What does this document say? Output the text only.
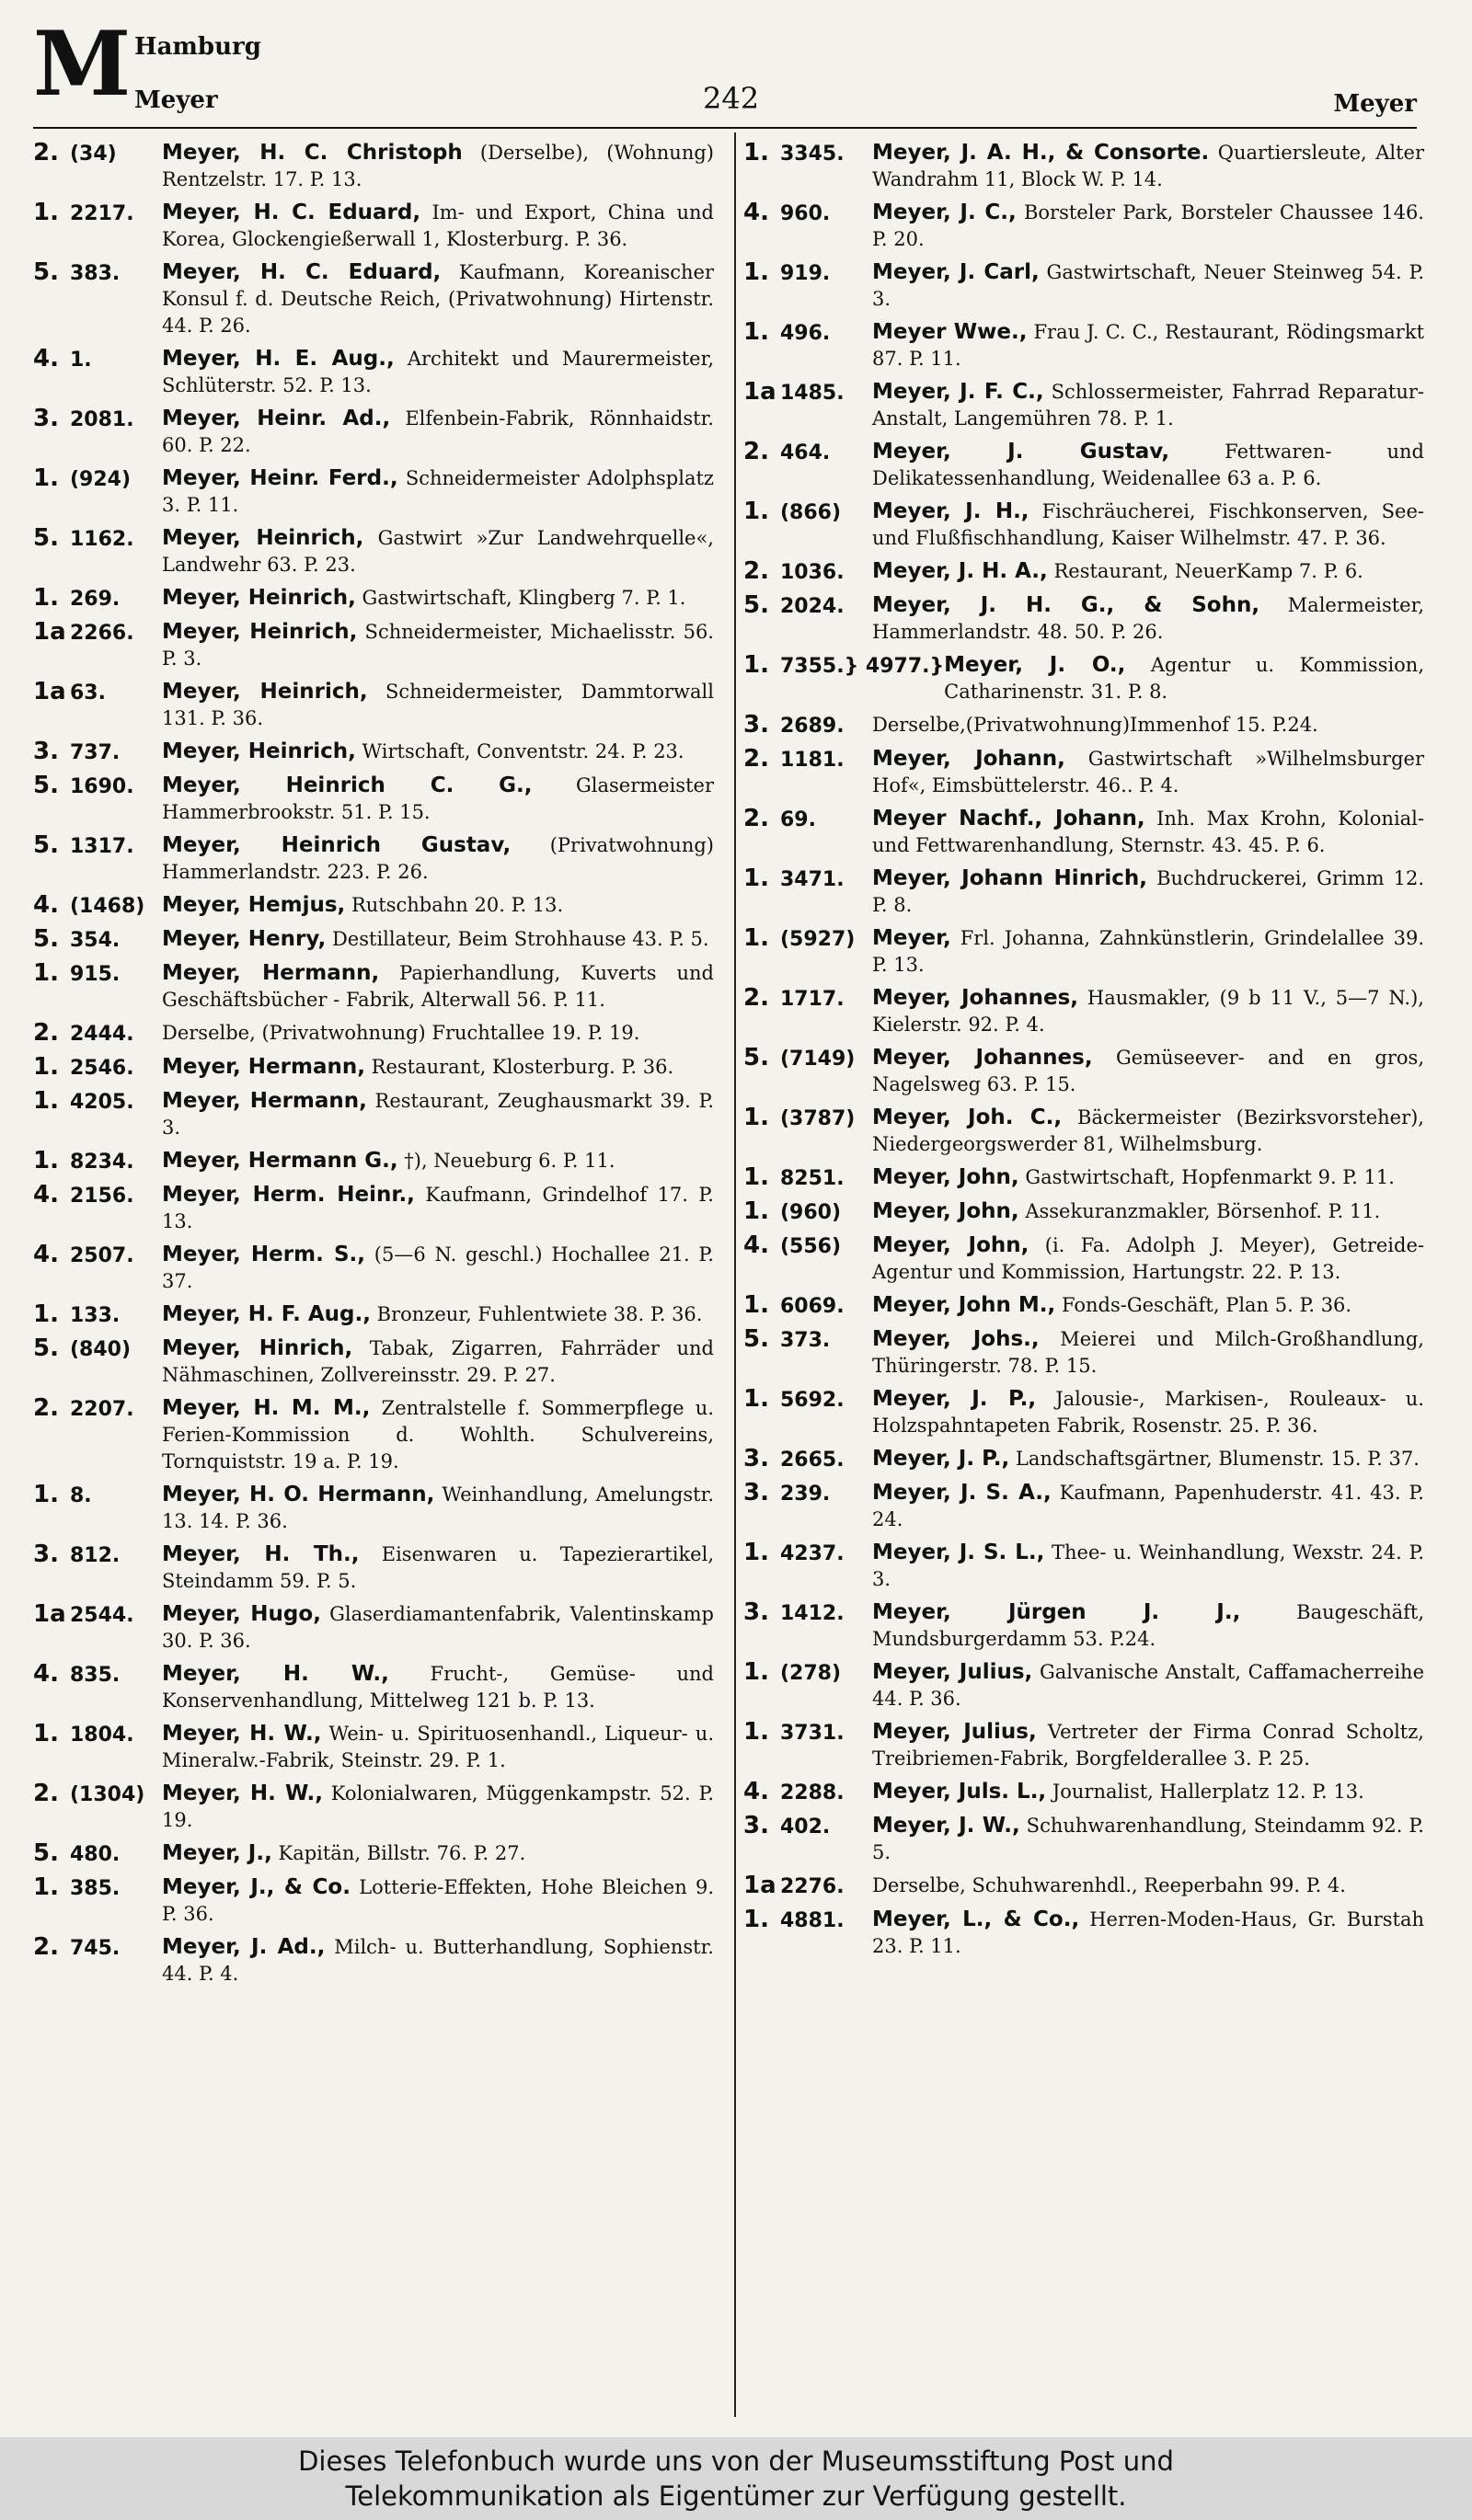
M Hamburg
Meyer	242	Meyer
2. (34)	Meyer, H. C. Christoph (Derselbe), (Wohnung) Rentzelstr. 17. P. 13.
1. 2217.	Meyer, H. C. Eduard, Im- und Export, China und Korea, Glockengießerwall 1, Klosterburg. P. 36.
5. 383.	Meyer, H. C. Eduard, Kaufmann, Koreanischer Konsul f. d. Deutsche Reich, (Privatwohnung) Hirtenstr. 44. P. 26.
4. 1.	Meyer, H. E. Aug., Architekt und Maurermeister, Schlüterstr. 52. P. 13.
3. 2081.	Meyer, Heinr. Ad., Elfenbein-Fabrik, Rönnhaidstr. 60. P. 22.
1. (924)	Meyer, Heinr. Ferd., Schneidermeister Adolphsplatz 3. P. 11.
5. 1162.	Meyer, Heinrich, Gastwirt »Zur Landwehrquelle«, Landwehr 63. P. 23.
1. 269.	Meyer, Heinrich, Gastwirtschaft, Klingberg 7. P. 1.
1a 2266.	Meyer, Heinrich, Schneidermeister, Michaelisstr. 56. P. 3.
1a 63.	Meyer, Heinrich, Schneidermeister, Dammtorwall 131. P. 36.
3. 737.	Meyer, Heinrich, Wirtschaft, Conventstr. 24. P. 23.
5. 1690.	Meyer, Heinrich C. G., Glasermeister Hammerbrookstr. 51. P. 15.
5. 1317.	Meyer, Heinrich Gustav, (Privatwohnung) Hammerlandstr. 223. P. 26.
4. (1468) Meyer, Hemjus, Rutschbahn 20. P. 13.
5. 354.	Meyer, Henry, Destillateur, Beim Strohhause 43. P. 5.
1. 915.	Meyer, Hermann, Papierhandlung, Kuverts und Geschäftsbücher - Fabrik, Alterwall 56. P. 11.
2. 2444.	Derselbe, (Privatwohnung) Fruchtallee 19. P. 19.
1. 2546.	Meyer, Hermann, Restaurant, Klosterburg. P. 36.
1. 4205.	Meyer, Hermann, Restaurant, Zeughausmarkt 39. P. 3.
1. 8234.	Meyer, Hermann G., †), Neueburg 6. P. 11.
4. 2156.	Meyer, Herm. Heinr., Kaufmann, Grindelhof 17. P. 13.
4. 2507.	Meyer, Herm. S., (5—6 N. geschl.) Hochallee 21. P. 37.
1. 133.	Meyer, H. F. Aug., Bronzeur, Fuhlentwiete 38. P. 36.
5. (840)	Meyer, Hinrich, Tabak, Zigarren, Fahrräder und Nähmaschinen, Zollvereinsstr. 29. P. 27.
2. 2207.	Meyer, H. M. M., Zentralstelle f. Sommerpflege u. Ferien-Kommission d. Wohlth. Schulvereins, Tornquiststr. 19 a. P. 19.
1. 8.	Meyer, H. O. Hermann, Weinhandlung, Amelungstr. 13. 14. P. 36.
3. 812.	Meyer, H. Th., Eisenwaren u. Tapezierartikel, Steindamm 59. P. 5.
1a 2544.	Meyer, Hugo, Glaserdiamantenfabrik, Valentinskamp 30. P. 36.
4. 835.	Meyer, H. W., Frucht-, Gemüse- und Konservenhandlung, Mittelweg 121 b. P. 13.
1. 1804.	Meyer, H. W., Wein- u. Spirituosenhandl., Liqueur- u. Mineralw.-Fabrik, Steinstr. 29. P. 1.
2. (1304) Meyer, H. W., Kolonialwaren, Müggenkampstr. 52. P. 19.
5. 480.	Meyer, J., Kapitän, Billstr. 76. P. 27.
1. 385.	Meyer, J., & Co. Lotterie-Effekten, Hohe Bleichen 9. P. 36.
2. 745.	Meyer, J. Ad., Milch- u. Butterhandlung, Sophienstr. 44. P. 4.
1. 3345.	Meyer, J. A. H., & Consorte. Quartiersleute, Alter Wandrahm 11, Block W. P. 14.
4. 960.	Meyer, J. C., Borsteler Park, Borsteler Chaussee 146. P. 20.
1. 919.	Meyer, J. Carl, Gastwirtschaft, Neuer Steinweg 54. P. 3.
1. 496.	Meyer Wwe., Frau J. C. C., Restaurant, Rödingsmarkt 87. P. 11.
1a 1485.	Meyer, J. F. C., Schlossermeister, Fahrrad Reparatur-Anstalt, Langemühren 78. P. 1.
2. 464.	Meyer, J. Gustav, Fettwaren- und Delikatessenhandlung, Weidenallee 63 a. P. 6.
1. (866)	Meyer, J. H., Fischräucherei, Fischkonserven, See- und Flußfischhandlung, Kaiser Wilhelmstr. 47. P. 36.
2. 1036.	Meyer, J. H. A., Restaurant, NeuerKamp 7. P. 6.
5. 2024.	Meyer, J. H. G., & Sohn, Malermeister, Hammerlandstr. 48. 50. P. 26.
1. 7355.} 4977.} Meyer, J. O., Agentur u. Kommission, Catharinenstr. 31. P. 8.
3. 2689.	Derselbe,(Privatwohnung)Immenhof 15. P.24.
2. 1181.	Meyer, Johann, Gastwirtschaft »Wilhelmsburger Hof«, Eimsbüttelerstr. 46.. P. 4.
2. 69.	Meyer Nachf., Johann, Inh. Max Krohn, Kolonial- und Fettwarenhandlung, Sternstr. 43. 45. P. 6.
1. 3471.	Meyer, Johann Hinrich, Buchdruckerei, Grimm 12. P. 8.
1. (5927) Meyer, Frl. Johanna, Zahnkünstlerin, Grindelallee 39. P. 13.
2. 1717.	Meyer, Johannes, Hausmakler, (9 b 11 V., 5—7 N.), Kielerstr. 92. P. 4.
5. (7149) Meyer, Johannes, Gemüseever- and en gros, Nagelsweg 63. P. 15.
1. (3787) Meyer, Joh. C., Bäckermeister (Bezirksvorsteher), Niedergeorgswerder 81, Wilhelmsburg.
1. 8251.	Meyer, John, Gastwirtschaft, Hopfenmarkt 9. P. 11.
1. (960)	Meyer, John, Assekuranzmakler, Börsenhof. P. 11.
4. (556)	Meyer, John, (i. Fa. Adolph J. Meyer), Getreide-Agentur und Kommission, Hartungstr. 22. P. 13.
1. 6069.	Meyer, John M., Fonds-Geschäft, Plan 5. P. 36.
5. 373.	Meyer, Johs., Meierei und Milch-Großhandlung, Thüringerstr. 78. P. 15.
1. 5692.	Meyer, J. P., Jalousie-, Markisen-, Rouleaux- u. Holzspahntapeten Fabrik, Rosenstr. 25. P. 36.
3. 2665.	Meyer, J. P., Landschaftsgärtner, Blumenstr. 15. P. 37.
3. 239.	Meyer, J. S. A., Kaufmann, Papenhuderstr. 41. 43. P. 24.
1. 4237.	Meyer, J. S. L., Thee- u. Weinhandlung, Wexstr. 24. P. 3.
3. 1412.	Meyer, Jürgen J. J., Baugeschäft, Mundsburgerdamm 53. P.24.
1. (278)	Meyer, Julius, Galvanische Anstalt, Caffamacherreihe 44. P. 36.
1. 3731.	Meyer, Julius, Vertreter der Firma Conrad Scholtz, Treibriemen-Fabrik, Borgfelderallee 3. P. 25.
4. 2288.	Meyer, Juls. L., Journalist, Hallerplatz 12. P. 13.
3. 402.	Meyer, J. W., Schuhwarenhandlung, Steindamm 92. P. 5.
1a 2276.	Derselbe, Schuhwarenhdl., Reeperbahn 99. P. 4.
1. 4881.	Meyer, L., & Co., Herren-Moden-Haus, Gr. Burstah 23. P. 11.
Dieses Telefonbuch wurde uns von der Museumsstiftung Post und
Telekommunikation als Eigentümer zur Verfügung gestellt.
